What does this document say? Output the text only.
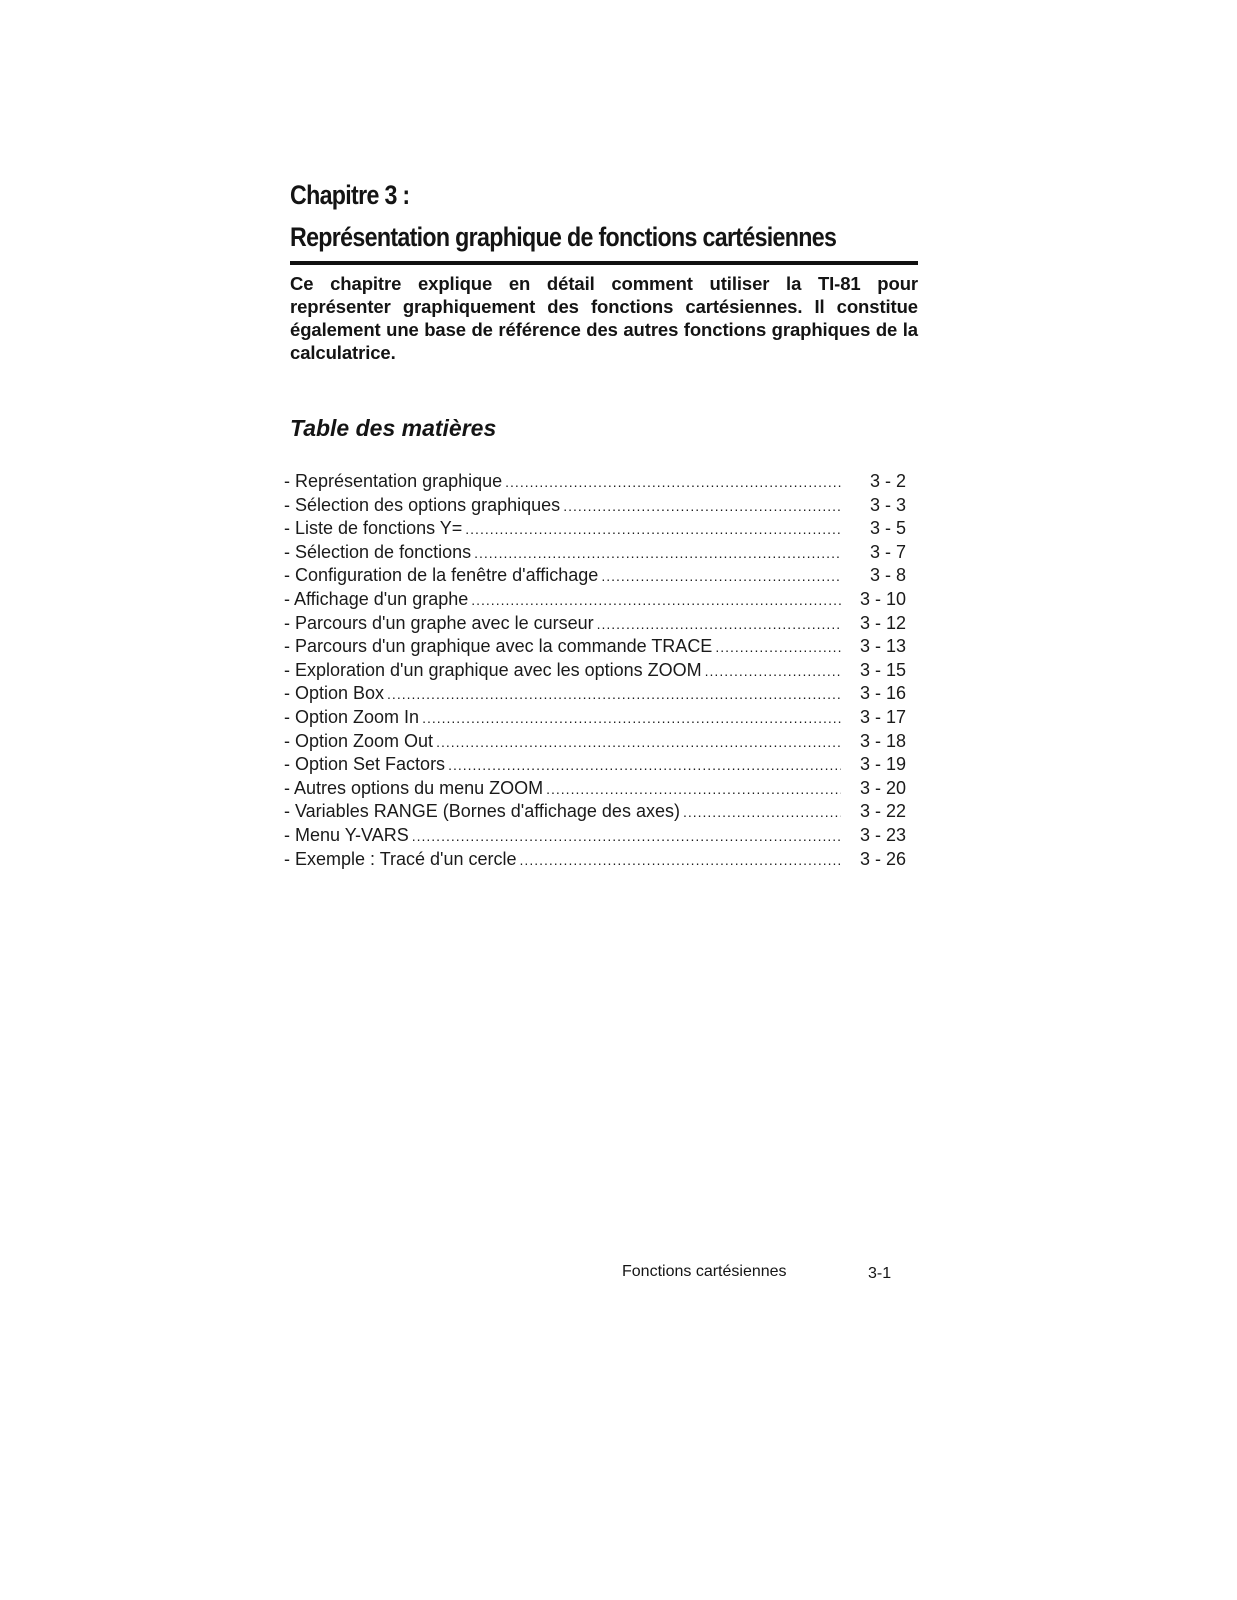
Chapitre 3 :
Représentation graphique de fonctions cartésiennes

Ce chapitre explique en détail comment utiliser la TI-81 pour représenter graphiquement des fonctions cartésiennes. Il constitue également une base de référence des autres fonctions graphiques de la calculatrice.

Table des matières
- Représentation graphique .....	3 - 2
- Sélection des options graphiques .....	3 - 3
- Liste de fonctions Y= .....	3 - 5
- Sélection de fonctions .....	3 - 7
- Configuration de la fenêtre d'affichage .....	3 - 8
- Affichage d'un graphe .....	3 - 10
- Parcours d'un graphe avec le curseur .....	3 - 12
- Parcours d'un graphique avec la commande TRACE .....	3 - 13
- Exploration d'un graphique avec les options ZOOM .....	3 - 15
- Option Box .....	3 - 16
- Option Zoom In .....	3 - 17
- Option Zoom Out .....	3 - 18
- Option Set Factors .....	3 - 19
- Autres options du menu ZOOM .....	3 - 20
- Variables RANGE (Bornes d'affichage des axes) .....	3 - 22
- Menu Y-VARS .....	3 - 23
- Exemple : Tracé d'un cercle .....	3 - 26
Fonctions cartésiennes	3-1
